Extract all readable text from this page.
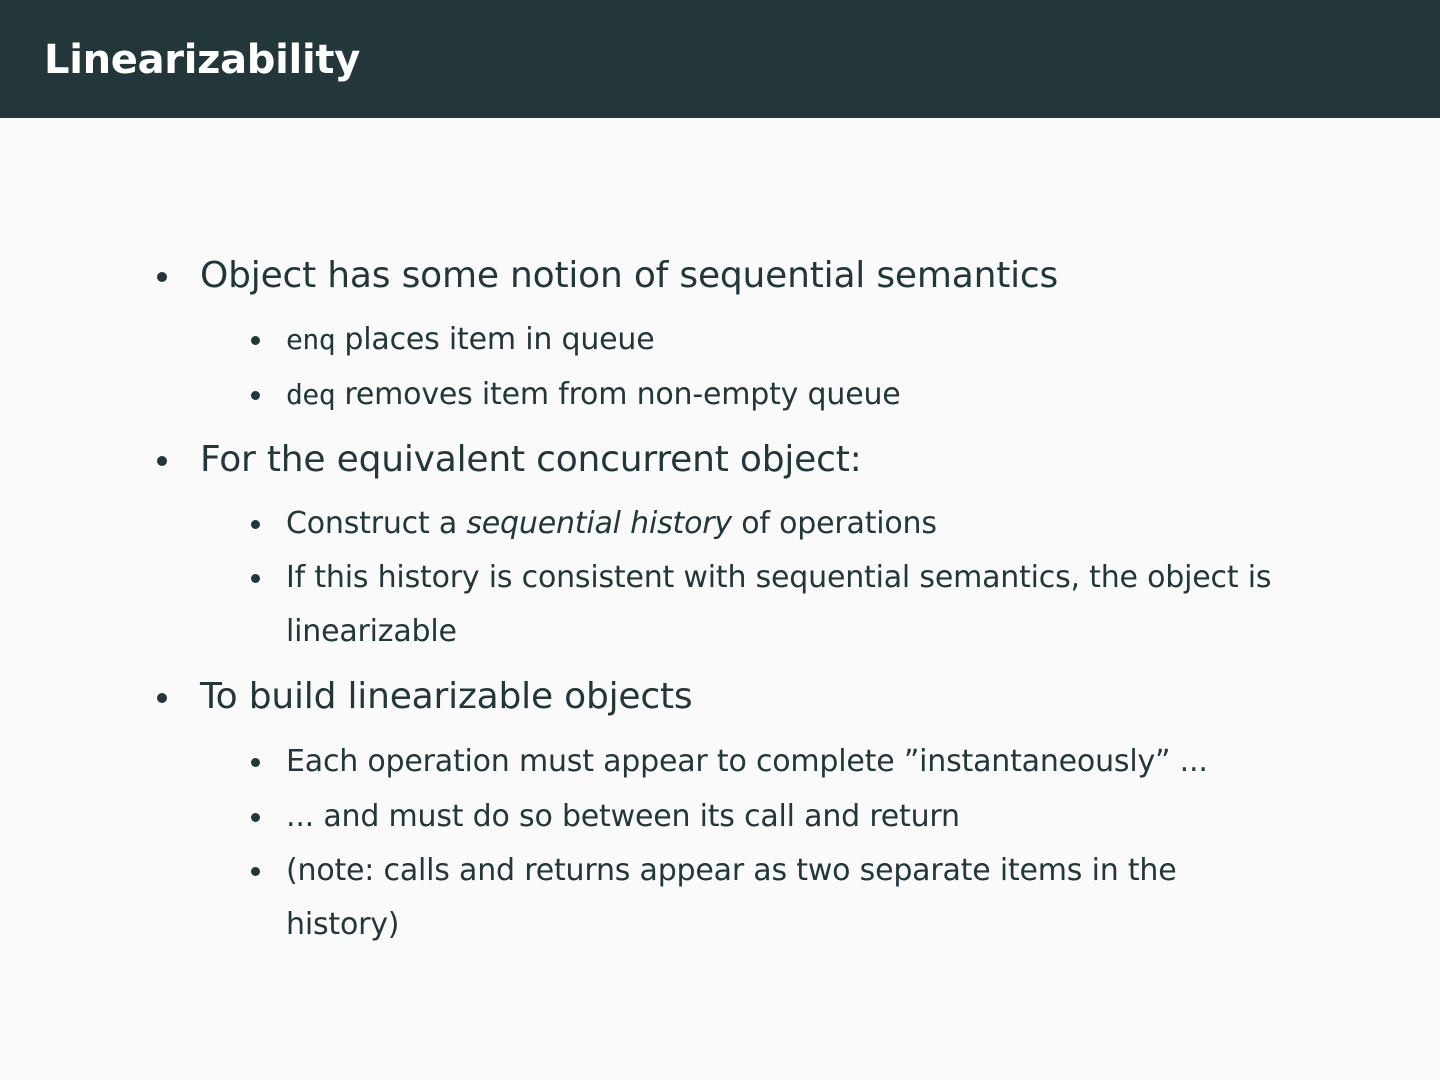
Linearizability
Object has some notion of sequential semantics
enq places item in queue
deq removes item from non-empty queue
For the equivalent concurrent object:
Construct a sequential history of operations
If this history is consistent with sequential semantics, the object is linearizable
To build linearizable objects
Each operation must appear to complete ”instantaneously” ...
... and must do so between its call and return
(note: calls and returns appear as two separate items in the history)
